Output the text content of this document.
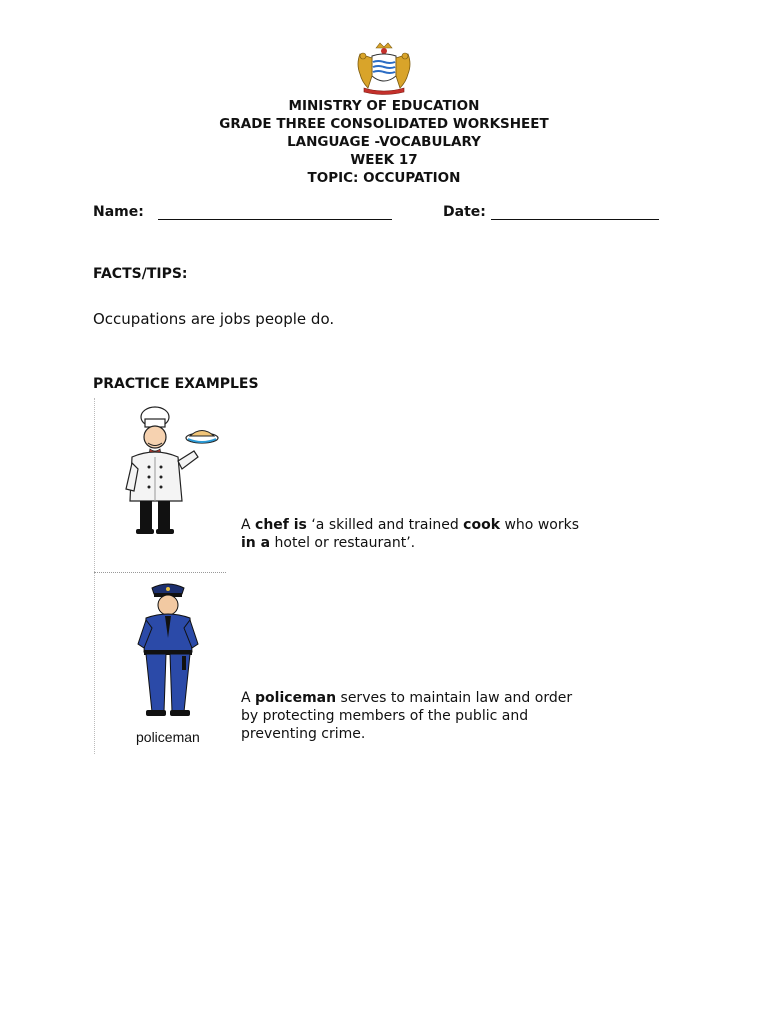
MINISTRY OF EDUCATION
GRADE THREE CONSOLIDATED WORKSHEET
LANGUAGE -VOCABULARY
WEEK 17
TOPIC: OCCUPATION
Name:	Date:
FACTS/TIPS:
Occupations are jobs people do.
PRACTICE EXAMPLES
A chef is ‘a skilled and trained cook who works
in a hotel or restaurant’.
policeman
A policeman serves to maintain law and order
by protecting members of the public and
preventing crime.
